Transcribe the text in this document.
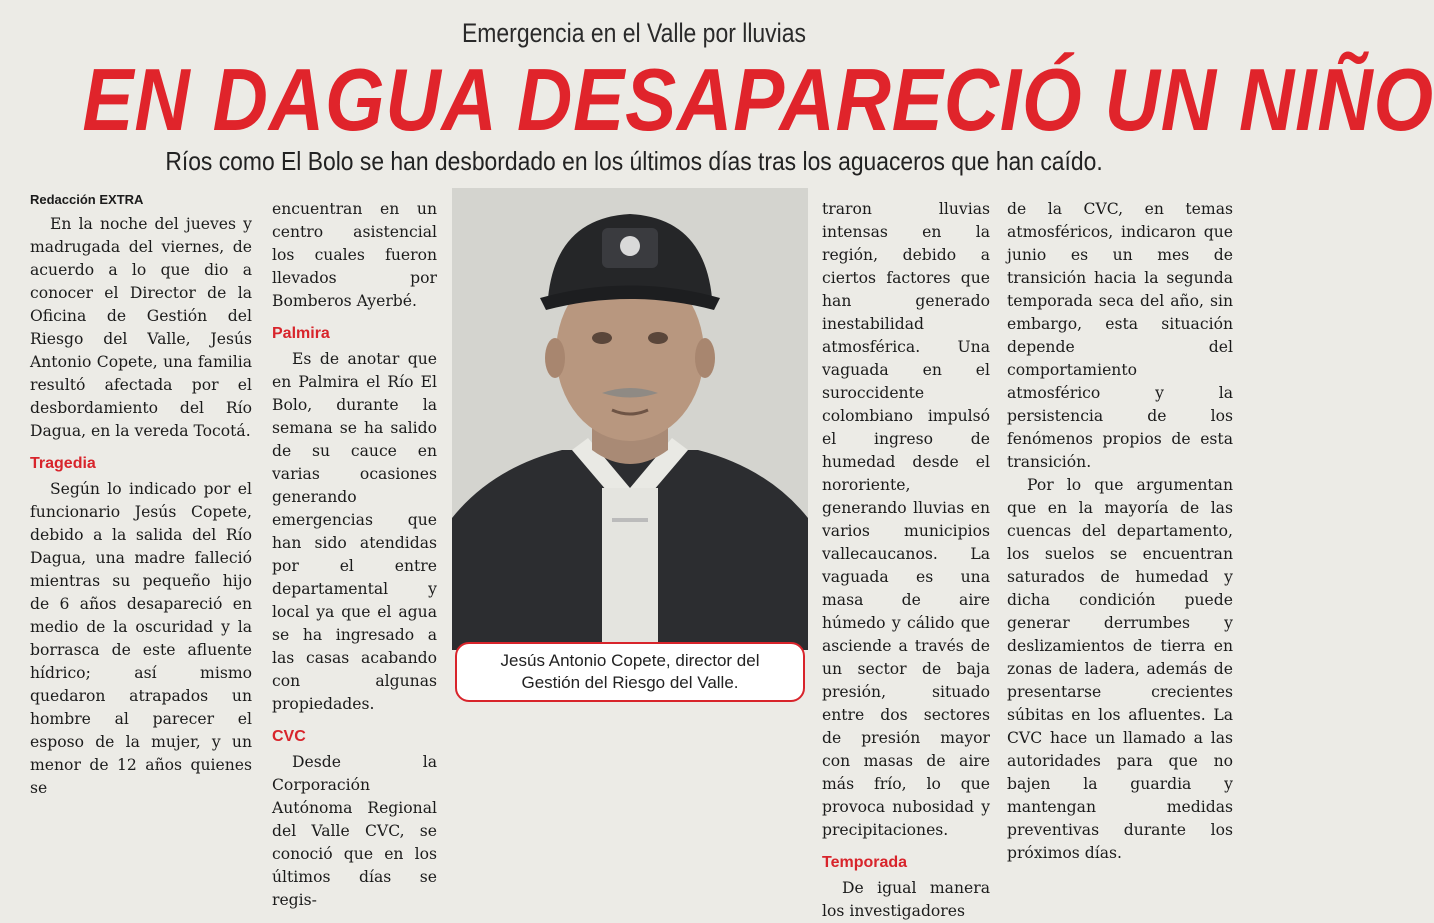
Emergencia en el Valle por lluvias
EN DAGUA DESAPARECIÓ UN NIÑO
Ríos como El Bolo se han desbordado en los últimos días tras los aguaceros que han caído.
Redacción EXTRA

En la noche del jueves y madrugada del viernes, de acuerdo a lo que dio a conocer el Director de la Oficina de Gestión del Riesgo del Valle, Jesús Antonio Copete, una familia resultó afectada por el desbordamiento del Río Dagua, en la vereda Tocotá.

Tragedia

Según lo indicado por el funcionario Jesús Copete, debido a la salida del Río Dagua, una madre falleció mientras su pequeño hijo de 6 años desapareció en medio de la oscuridad y la borrasca de este afluente hídrico; así mismo quedaron atrapados un hombre al parecer el esposo de la mujer, y un menor de 12 años quienes se

encuentran en un centro asistencial los cuales fueron llevados por Bomberos Ayerbé.

Palmira

Es de anotar que en Palmira el Río El Bolo, durante la semana se ha salido de su cauce en varias ocasiones generando emergencias que han sido atendidas por el entre departamental y local ya que el agua se ha ingresado a las casas acabando con algunas propiedades.

CVC

Desde la Corporación Autónoma Regional del Valle CVC, se conoció que en los últimos días se regis-

Jesús Antonio Copete, director del
Gestión del Riesgo del Valle.

traron lluvias intensas en la región, debido a ciertos factores que han generado inestabilidad atmosférica. Una vaguada en el suroccidente colombiano impulsó el ingreso de humedad desde el nororiente, generando lluvias en varios municipios vallecaucanos. La vaguada es una masa de aire húmedo y cálido que asciende a través de un sector de baja presión, situado entre dos sectores de presión mayor con masas de aire más frío, lo que provoca nubosidad y precipitaciones.

Temporada

De igual manera los investigadores

de la CVC, en temas atmosféricos, indicaron que junio es un mes de transición hacia la segunda temporada seca del año, sin embargo, esta situación depende del comportamiento atmosférico y la persistencia de los fenómenos propios de esta transición.

Por lo que argumentan que en la mayoría de las cuencas del departamento, los suelos se encuentran saturados de humedad y dicha condición puede generar derrumbes y deslizamientos de tierra en zonas de ladera, además de presentarse crecientes súbitas en los afluentes. La CVC hace un llamado a las autoridades para que no bajen la guardia y mantengan medidas preventivas durante los próximos días.
